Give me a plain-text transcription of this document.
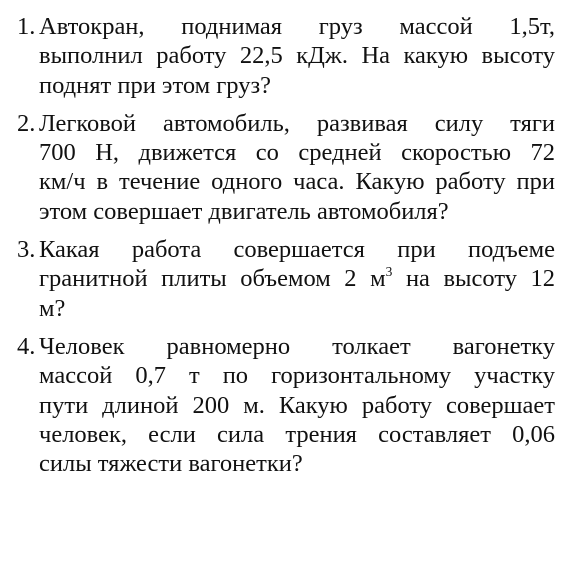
1. Автокран, поднимая груз массой 1,5т,
выполнил работу 22,5 кДж. На какую высоту
поднят при этом груз?
2. Легковой автомобиль, развивая силу тяги
700 Н, движется со средней скоростью 72
км/ч в течение одного часа. Какую работу при
этом совершает двигатель автомобиля?
3. Какая работа совершается при подъеме
гранитной плиты объемом 2 $м^3$ на высоту 12
м?
4. Человек равномерно толкает вагонетку
массой 0,7 т по горизонтальному участку
пути длиной 200 м. Какую работу совершает
человек, если сила трения составляет 0,06
силы тяжести вагонетки?
